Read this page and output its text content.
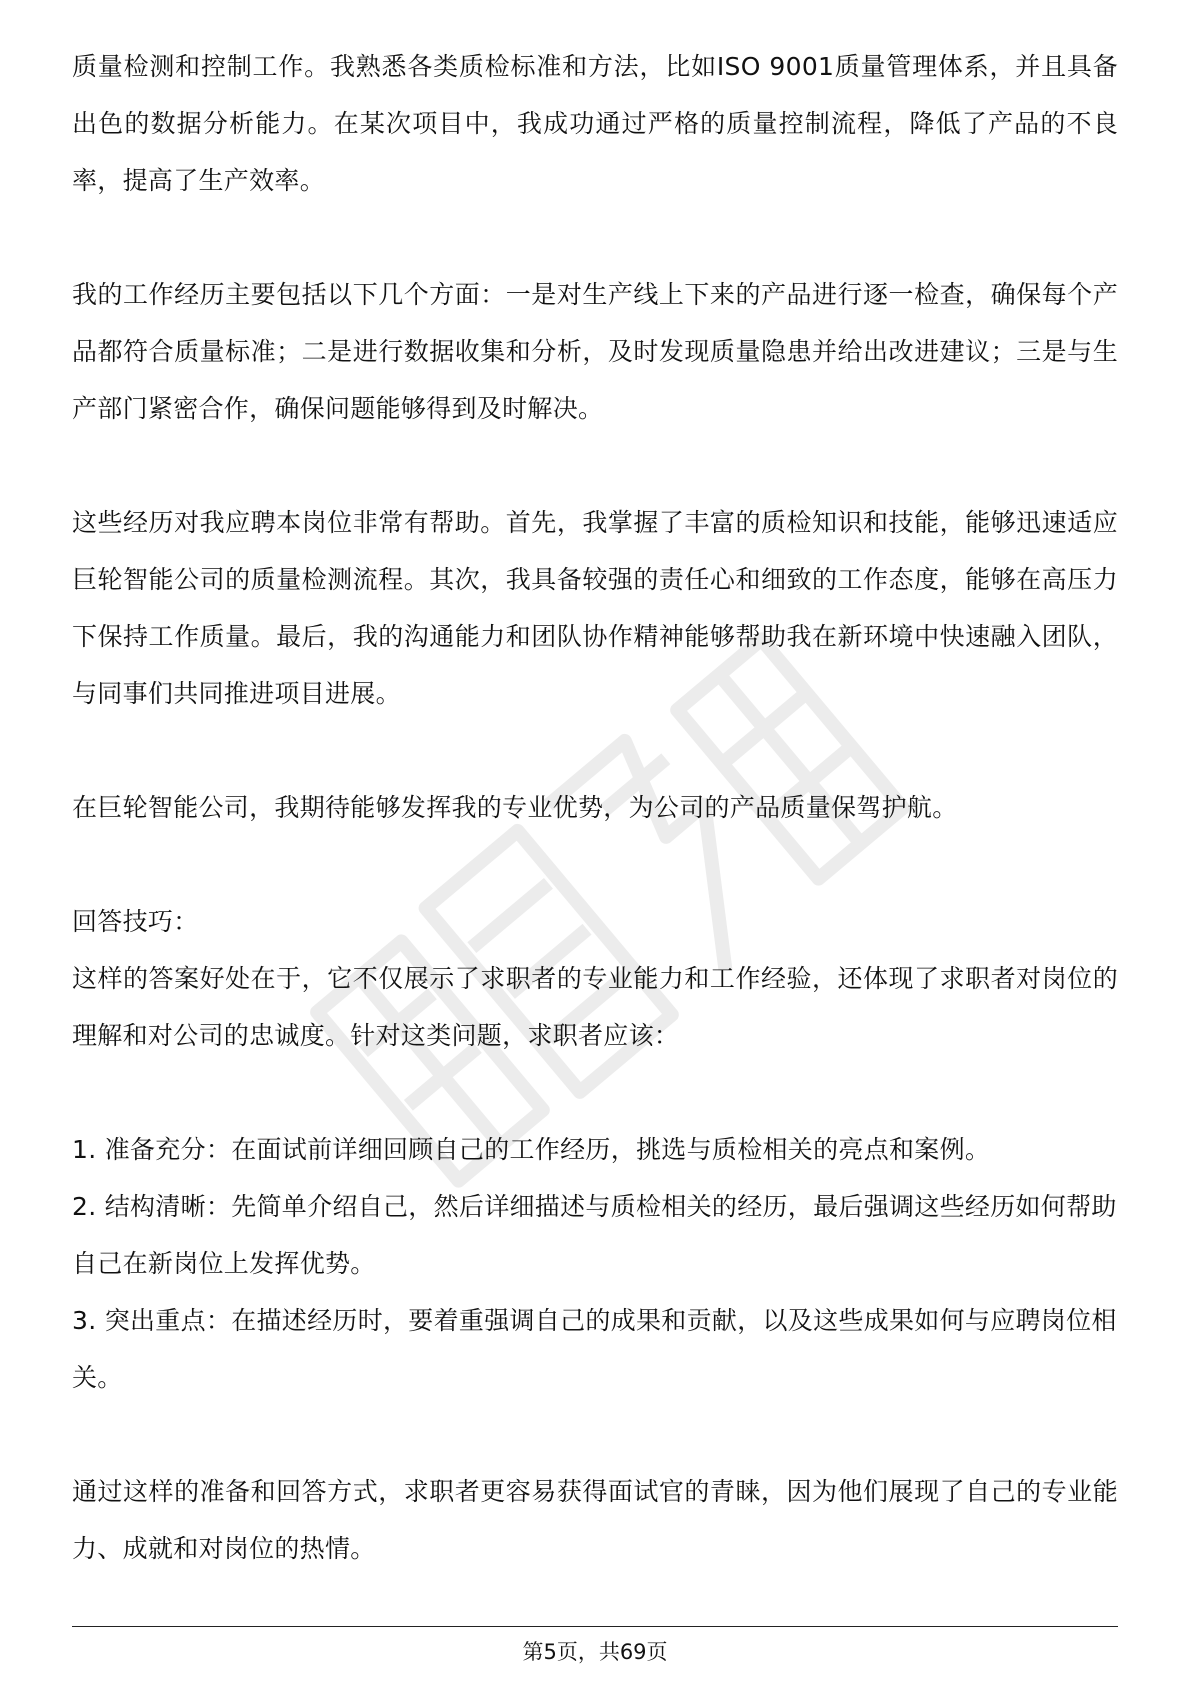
质量检测和控制工作。我熟悉各类质检标准和方法，比如ISO 9001质量管理体系，并且具备出色的数据分析能力。在某次项目中，我成功通过严格的质量控制流程，降低了产品的不良率，提高了生产效率。

我的工作经历主要包括以下几个方面：一是对生产线上下来的产品进行逐一检查，确保每个产品都符合质量标准；二是进行数据收集和分析，及时发现质量隐患并给出改进建议；三是与生产部门紧密合作，确保问题能够得到及时解决。

这些经历对我应聘本岗位非常有帮助。首先，我掌握了丰富的质检知识和技能，能够迅速适应巨轮智能公司的质量检测流程。其次，我具备较强的责任心和细致的工作态度，能够在高压力下保持工作质量。最后，我的沟通能力和团队协作精神能够帮助我在新环境中快速融入团队，与同事们共同推进项目进展。

在巨轮智能公司，我期待能够发挥我的专业优势，为公司的产品质量保驾护航。

回答技巧：

这样的答案好处在于，它不仅展示了求职者的专业能力和工作经验，还体现了求职者对岗位的理解和对公司的忠诚度。针对这类问题，求职者应该：

1. 准备充分：在面试前详细回顾自己的工作经历，挑选与质检相关的亮点和案例。

2. 结构清晰：先简单介绍自己，然后详细描述与质检相关的经历，最后强调这些经历如何帮助自己在新岗位上发挥优势。

3. 突出重点：在描述经历时，要着重强调自己的成果和贡献，以及这些成果如何与应聘岗位相关。

通过这样的准备和回答方式，求职者更容易获得面试官的青睐，因为他们展现了自己的专业能力、成就和对岗位的热情。

第5页，共69页
